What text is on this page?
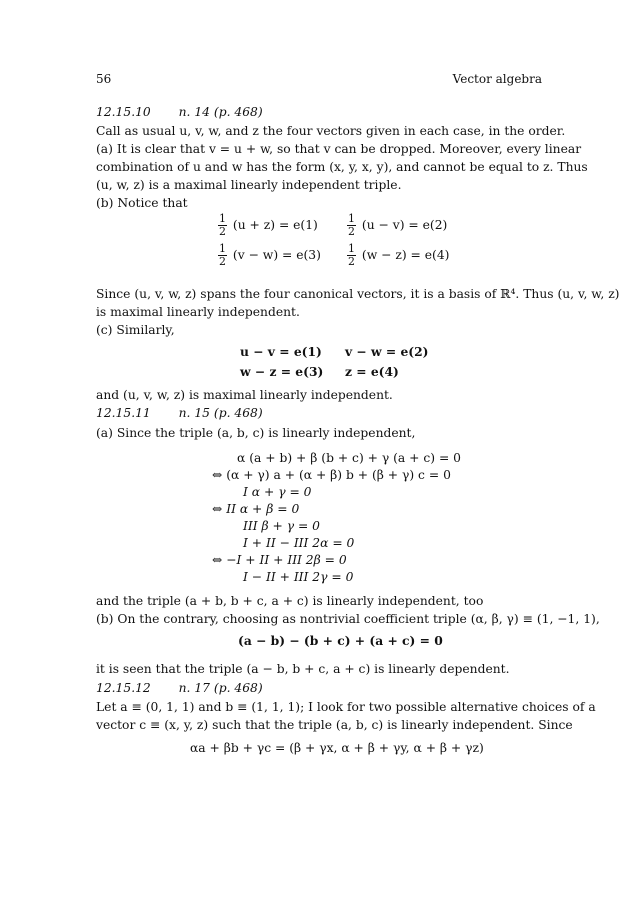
56	Vector algebra
12.15.10 n. 14 (p. 468)
Call as usual u, v, w, and z the four vectors given in each case, in the order.
(a) It is clear that v = u + w, so that v can be dropped. Moreover, every linear
combination of u and w has the form (x, y, x, y), and cannot be equal to z. Thus
(u, w, z) is a maximal linearly independent triple.
(b) Notice that
$\frac{1}{2} (u + z) = e(1)$	$\frac{1}{2} (u - v) = e(2)$
$\frac{1}{2} (v - w) = e(3) \frac{1}{2} (w - z) = e(4)$
Since (u, v, w, z) spans the four canonical vectors, it is a basis of ℝ⁴. Thus (u, v, w, z)
is maximal linearly independent.
(c) Similarly,
u − v = e(1) v − w = e(2)
w − z = e(3) z = e(4)
and (u, v, w, z) is maximal linearly independent.
12.15.11 n. 15 (p. 468)
(a) Since the triple (a, b, c) is linearly independent,
α (a + b) + β (b + c) + γ (a + c) = 0
⇔ (α + γ) a + (α + β) b + (β + γ) c = 0
I α + γ = 0
⇔ II α + β = 0
III β + γ = 0
I + II − III 2α = 0
⇔ −I + II + III 2β = 0
I − II + III 2γ = 0
and the triple (a + b, b + c, a + c) is linearly independent, too
(b) On the contrary, choosing as nontrivial coefficient triple (α, β, γ) ≡ (1, −1, 1),
(a − b) − (b + c) + (a + c) = 0
it is seen that the triple (a − b, b + c, a + c) is linearly dependent.
12.15.12 n. 17 (p. 468)
Let a ≡ (0, 1, 1) and b ≡ (1, 1, 1); I look for two possible alternative choices of a
vector c ≡ (x, y, z) such that the triple (a, b, c) is linearly independent. Since
αa + βb + γc = (β + γx, α + β + γy, α + β + γz)
